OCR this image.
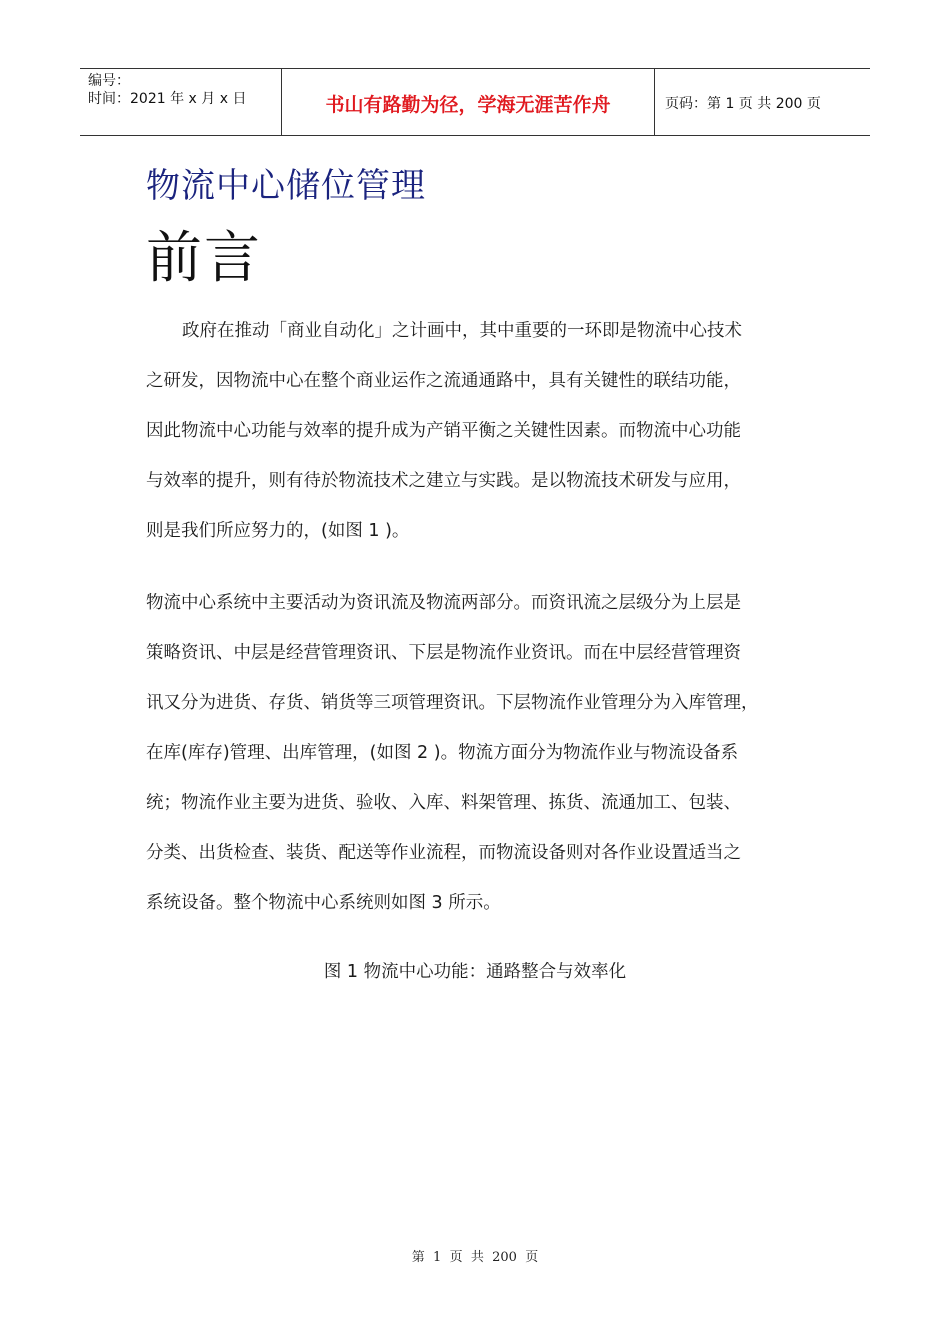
编号：
时间：2021 年 x 月 x 日	书山有路勤为径，学海无涯苦作舟	页码：第 1 页 共 200 页
物流中心储位管理
前言
政府在推动「商业自动化」之计画中，其中重要的一环即是物流中心技术
之研发，因物流中心在整个商业运作之流通通路中，具有关键性的联结功能，
因此物流中心功能与效率的提升成为产销平衡之关键性因素。而物流中心功能
与效率的提升，则有待於物流技术之建立与实践。是以物流技术研发与应用，
则是我们所应努力的，(如图 1 )。
物流中心系统中主要活动为资讯流及物流两部分。而资讯流之层级分为上层是
策略资讯、中层是经营管理资讯、下层是物流作业资讯。而在中层经营管理资
讯又分为进货、存货、销货等三项管理资讯。下层物流作业管理分为入库管理，
在库(库存)管理、出库管理，(如图 2 )。物流方面分为物流作业与物流设备系
统；物流作业主要为进货、验收、入库、料架管理、拣货、流通加工、包装、
分类、出货检查、装货、配送等作业流程，而物流设备则对各作业设置适当之
系统设备。整个物流中心系统则如图 3 所示。
图 1 物流中心功能：通路整合与效率化
第  1  页  共  200  页
